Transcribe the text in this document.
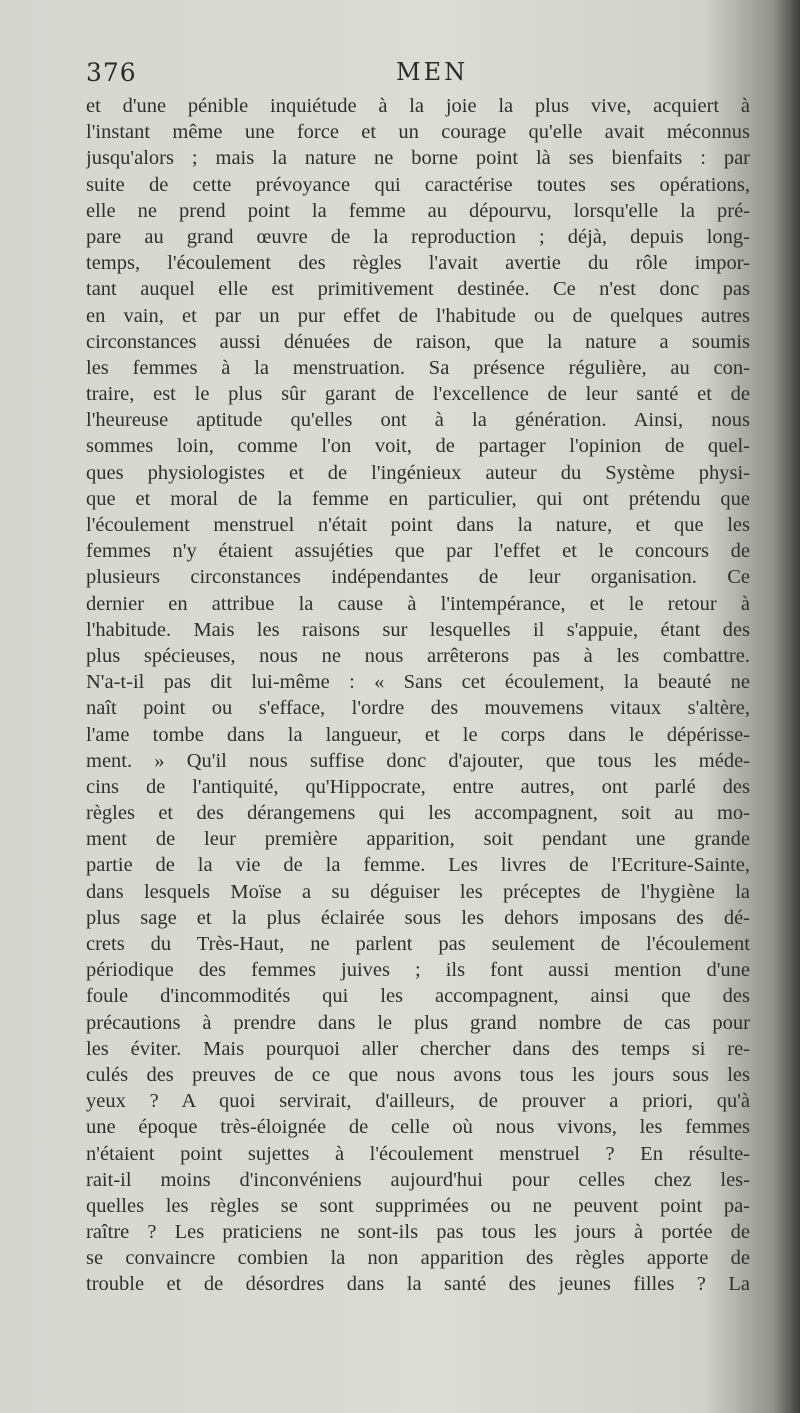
376	MEN
et d'une pénible inquiétude à la joie la plus vive, acquiert à
l'instant même une force et un courage qu'elle avait méconnus
jusqu'alors ; mais la nature ne borne point là ses bienfaits : par
suite de cette prévoyance qui caractérise toutes ses opérations,
elle ne prend point la femme au dépourvu, lorsqu'elle la pré-
pare au grand œuvre de la reproduction ; déjà, depuis long-
temps, l'écoulement des règles l'avait avertie du rôle impor-
tant auquel elle est primitivement destinée. Ce n'est donc pas
en vain, et par un pur effet de l'habitude ou de quelques autres
circonstances aussi dénuées de raison, que la nature a soumis
les femmes à la menstruation. Sa présence régulière, au con-
traire, est le plus sûr garant de l'excellence de leur santé et de
l'heureuse aptitude qu'elles ont à la génération. Ainsi, nous
sommes loin, comme l'on voit, de partager l'opinion de quel-
ques physiologistes et de l'ingénieux auteur du Système physi-
que et moral de la femme en particulier, qui ont prétendu que
l'écoulement menstruel n'était point dans la nature, et que les
femmes n'y étaient assujéties que par l'effet et le concours de
plusieurs circonstances indépendantes de leur organisation. Ce
dernier en attribue la cause à l'intempérance, et le retour à
l'habitude. Mais les raisons sur lesquelles il s'appuie, étant des
plus spécieuses, nous ne nous arrêterons pas à les combattre.
N'a-t-il pas dit lui-même : « Sans cet écoulement, la beauté ne
naît point ou s'efface, l'ordre des mouvemens vitaux s'altère,
l'ame tombe dans la langueur, et le corps dans le dépérisse-
ment. » Qu'il nous suffise donc d'ajouter, que tous les méde-
cins de l'antiquité, qu'Hippocrate, entre autres, ont parlé des
règles et des dérangemens qui les accompagnent, soit au mo-
ment de leur première apparition, soit pendant une grande
partie de la vie de la femme. Les livres de l'Ecriture-Sainte,
dans lesquels Moïse a su déguiser les préceptes de l'hygiène la
plus sage et la plus éclairée sous les dehors imposans des dé-
crets du Très-Haut, ne parlent pas seulement de l'écoulement
périodique des femmes juives ; ils font aussi mention d'une
foule d'incommodités qui les accompagnent, ainsi que des
précautions à prendre dans le plus grand nombre de cas pour
les éviter. Mais pourquoi aller chercher dans des temps si re-
culés des preuves de ce que nous avons tous les jours sous les
yeux ? A quoi servirait, d'ailleurs, de prouver a priori, qu'à
une époque très-éloignée de celle où nous vivons, les femmes
n'étaient point sujettes à l'écoulement menstruel ? En résulte-
rait-il moins d'inconvéniens aujourd'hui pour celles chez les-
quelles les règles se sont supprimées ou ne peuvent point pa-
raître ? Les praticiens ne sont-ils pas tous les jours à portée de
se convaincre combien la non apparition des règles apporte de
trouble et de désordres dans la santé des jeunes filles ? La
